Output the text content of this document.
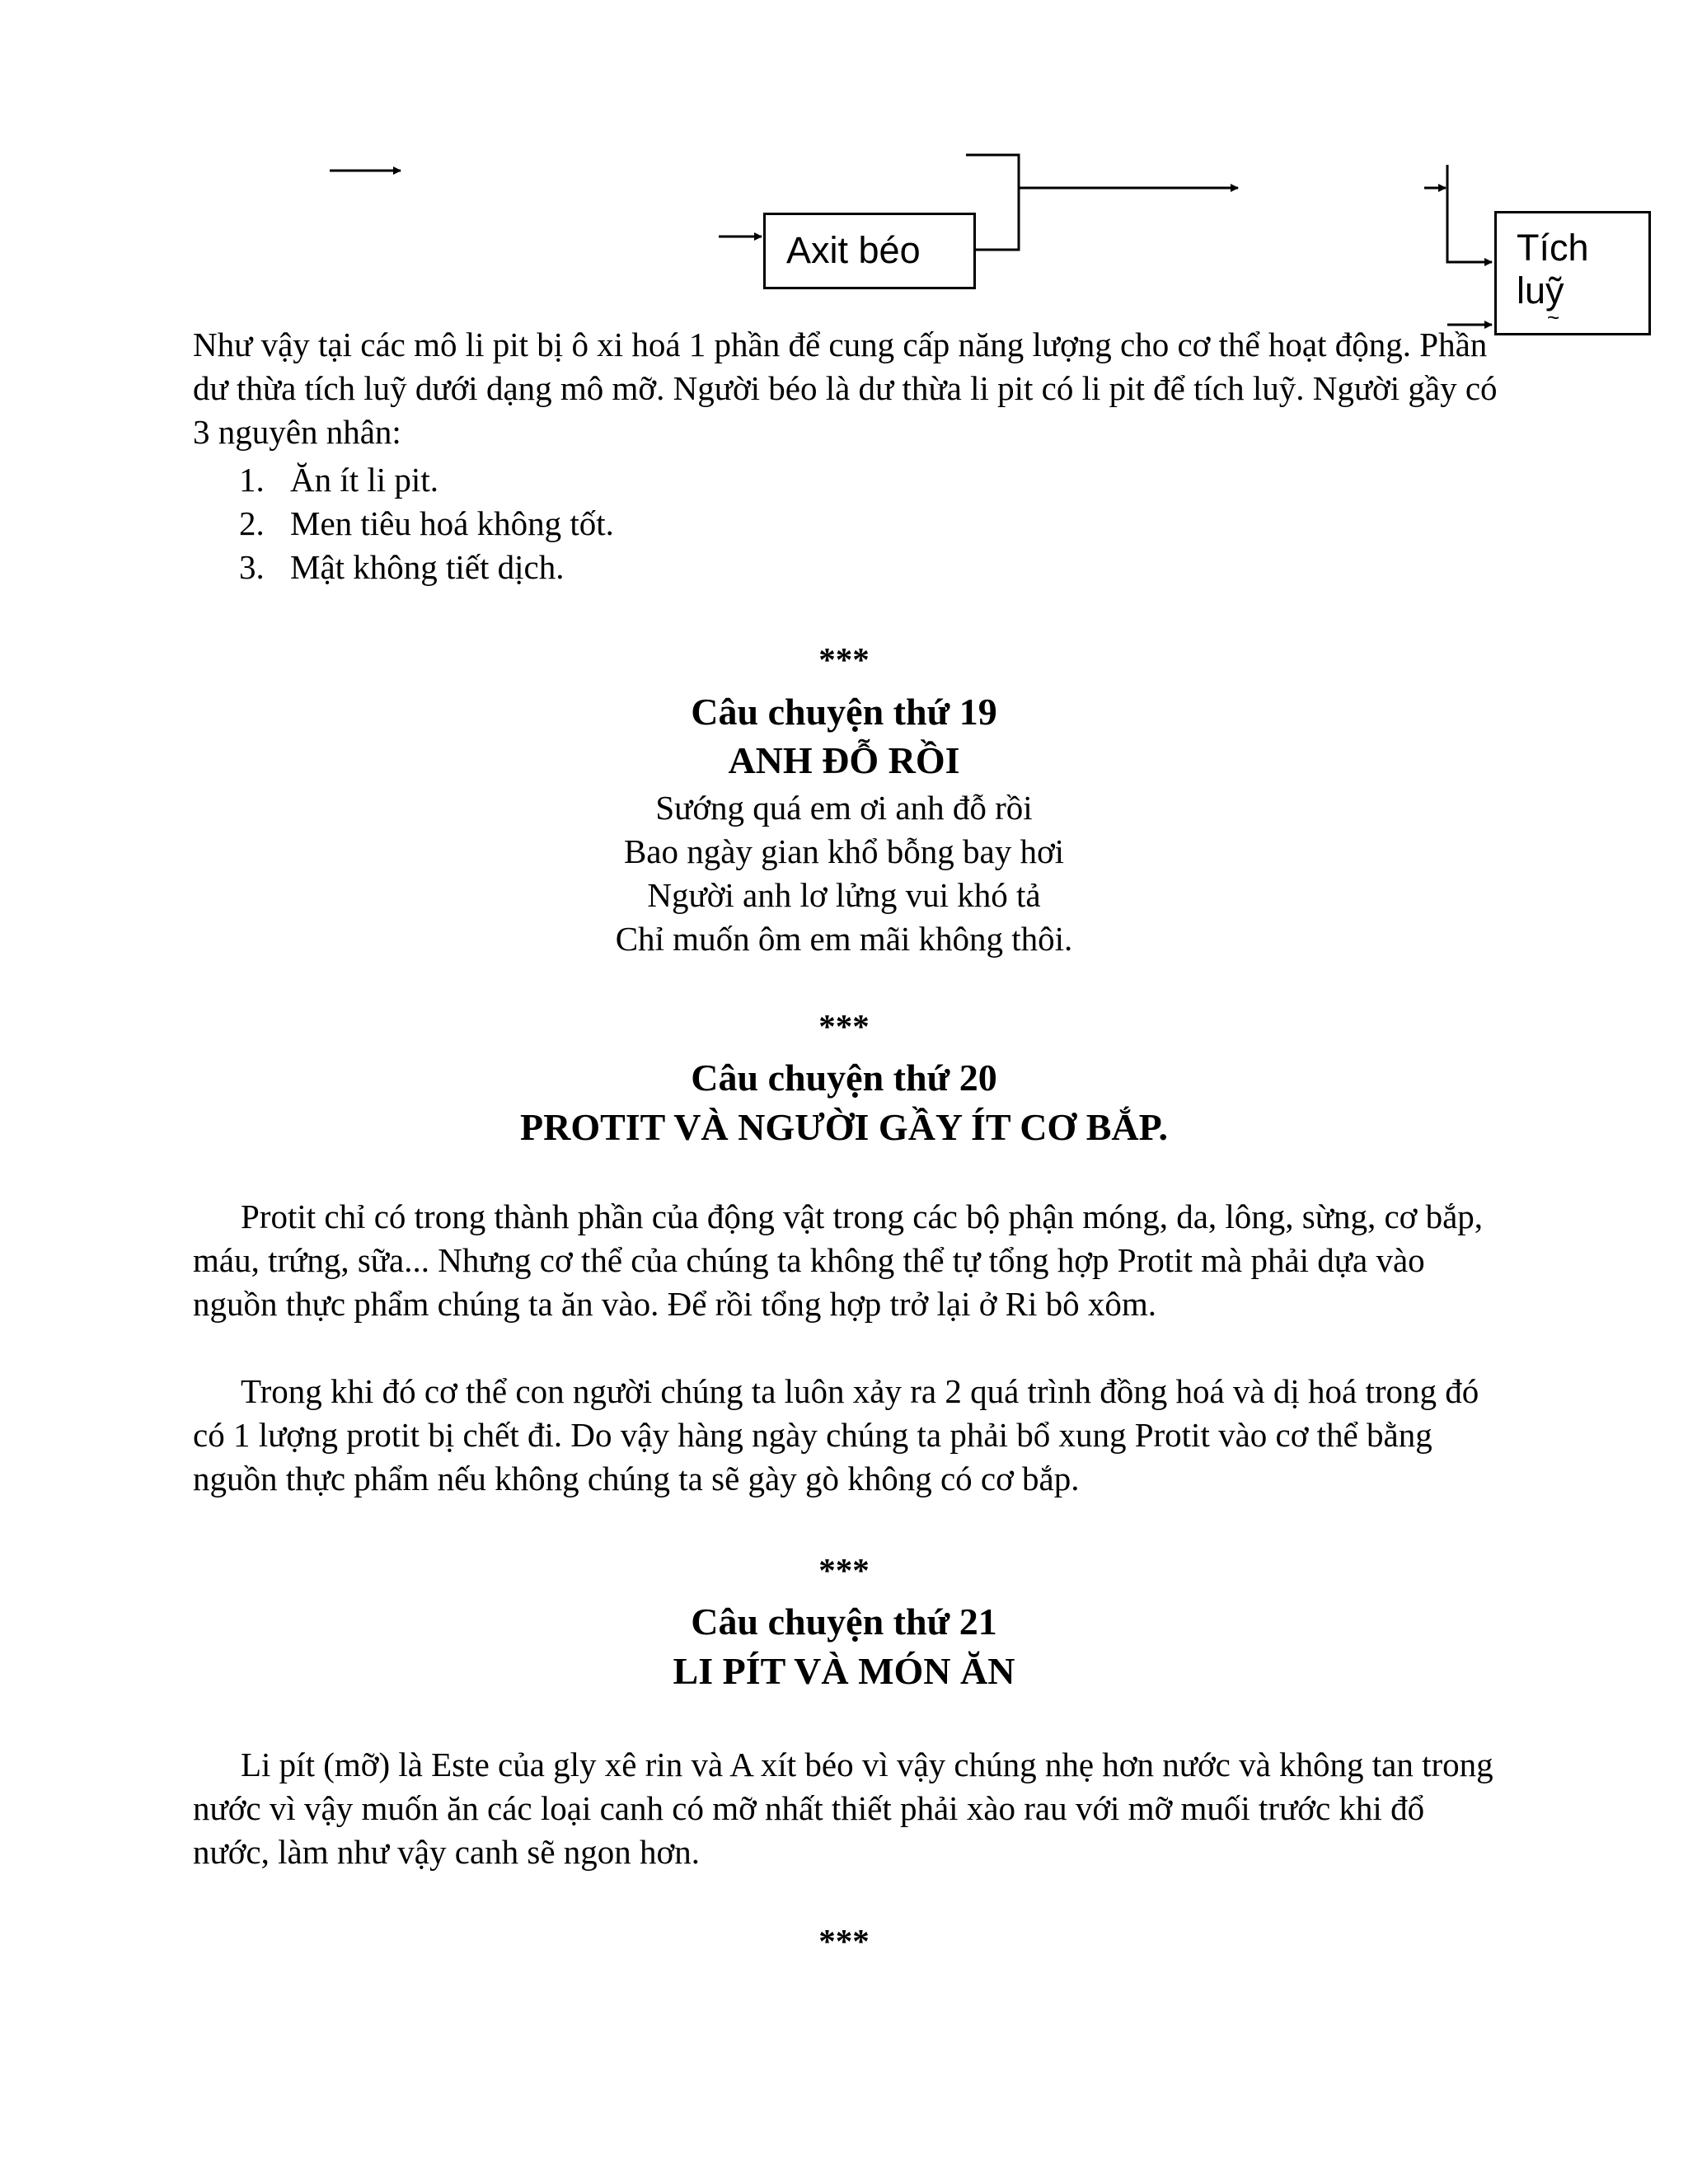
Axit béo	Tích
luỹ
~

Như vậy tại các mô li pit bị ô xi hoá 1 phần để cung cấp năng lượng cho cơ thể hoạt động. Phần dư thừa tích luỹ dưới dạng mô mỡ. Người béo là dư thừa li pit có li pit để tích luỹ. Người gầy có 3 nguyên nhân:

1. Ăn ít li pit.
2. Men tiêu hoá không tốt.
3. Mật không tiết dịch.

***

Câu chuyện thứ 19

ANH ĐỖ RỒI

Sướng quá em ơi anh đỗ rồi
Bao ngày gian khổ bỗng bay hơi
Người anh lơ lửng vui khó tả
Chỉ muốn ôm em mãi không thôi.

***

Câu chuyện thứ 20

PROTIT VÀ NGƯỜI GẦY ÍT CƠ BẮP.

Protit chỉ có trong thành phần của động vật trong các bộ phận móng, da, lông, sừng, cơ bắp, máu, trứng, sữa... Nhưng cơ thể của chúng ta không thể tự tổng hợp Protit mà phải dựa vào nguồn thực phẩm chúng ta ăn vào. Để rồi tổng hợp trở lại ở Ri bô xôm.

Trong khi đó cơ thể con người chúng ta luôn xảy ra 2 quá trình đồng hoá và dị hoá trong đó có 1 lượng protit bị chết đi. Do vậy hàng ngày chúng ta phải bổ xung Protit vào cơ thể bằng nguồn thực phẩm nếu không chúng ta sẽ gày gò không có cơ bắp.

***

Câu chuyện thứ 21

LI PÍT VÀ MÓN ĂN

Li pít (mỡ) là Este của gly xê rin và A xít béo vì vậy chúng nhẹ hơn nước và không tan trong nước vì vậy muốn ăn các loại canh có mỡ nhất thiết phải xào rau với mỡ muối trước khi đổ nước, làm như vậy canh sẽ ngon hơn.

***
